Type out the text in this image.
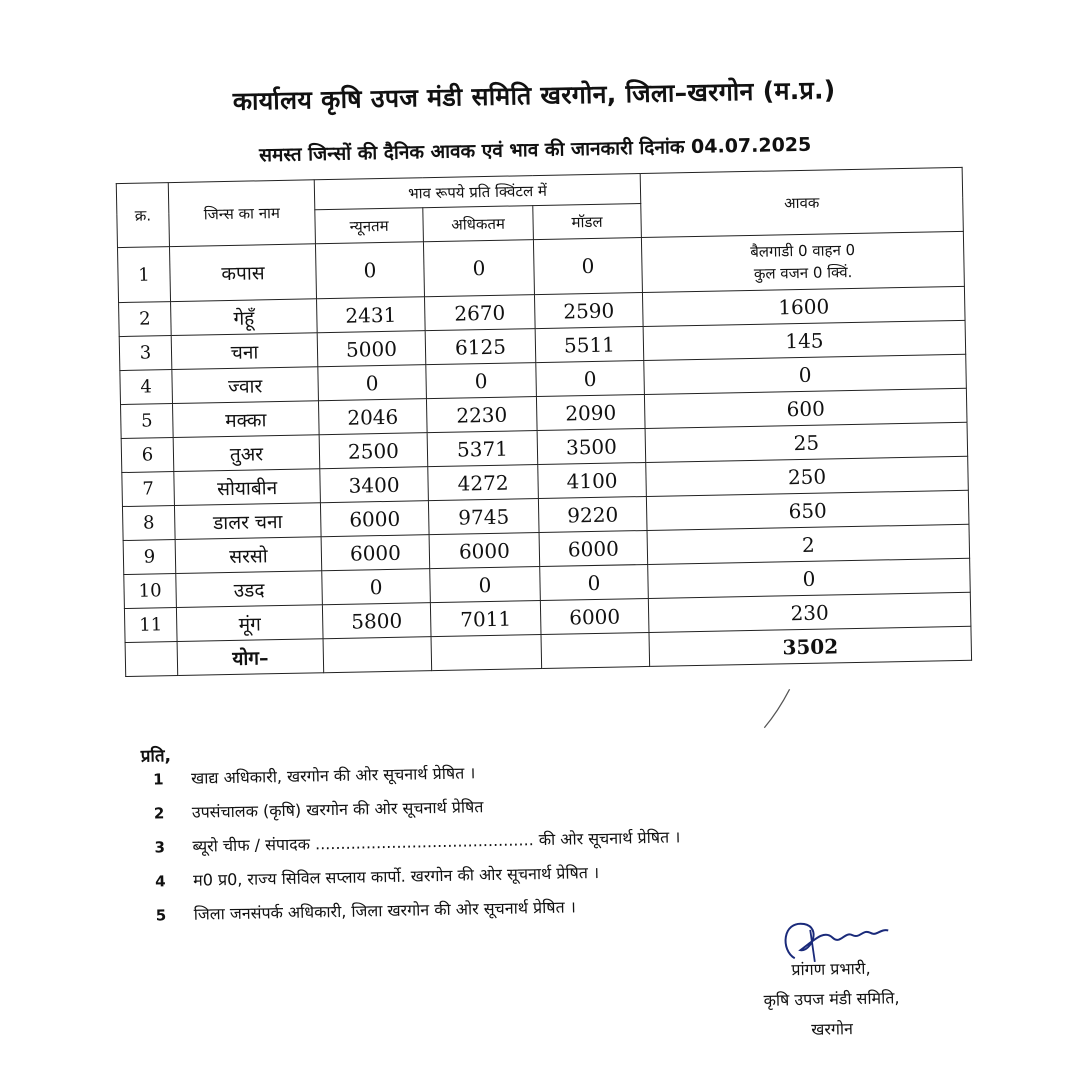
कार्यालय कृषि उपज मंडी समिति खरगोन, जिला–खरगोन (म.प्र.)
समस्त जिन्सों की दैनिक आवक एवं भाव की जानकारी दिनांक 04.07.2025
क्र.	जिन्स का नाम	भाव रूपये प्रति क्विंटल में			आवक
		न्यूनतम	अधिकतम	मॉडल	
1	कपास	0	0	0	बैलगाडी 0 वाहन 0
कुल वजन 0 क्विं.

2	गेहूँ	2431	2670	2590	1600
3	चना	5000	6125	5511	145
4	ज्वार	0	0	0	0
5	मक्का	2046	2230	2090	600
6	तुअर	2500	5371	3500	25
7	सोयाबीन	3400	4272	4100	250
8	डालर चना	6000	9745	9220	650
9	सरसो	6000	6000	6000	2
10	उडद	0	0	0	0
11	मूंग	5800	7011	6000	230
	योग–				3502
प्रति,
1	खाद्य अधिकारी, खरगोन की ओर सूचनार्थ प्रेषित ।
2	उपसंचालक (कृषि) खरगोन की ओर सूचनार्थ प्रेषित
3	ब्यूरो चीफ / संपादक ........................................... की ओर सूचनार्थ प्रेषित ।
4	म0 प्र0, राज्य सिविल सप्लाय कार्पो. खरगोन की ओर सूचनार्थ प्रेषित ।
5	जिला जनसंपर्क अधिकारी, जिला खरगोन की ओर सूचनार्थ प्रेषित ।
प्रांगण प्रभारी,
कृषि उपज मंडी समिति,
खरगोन
